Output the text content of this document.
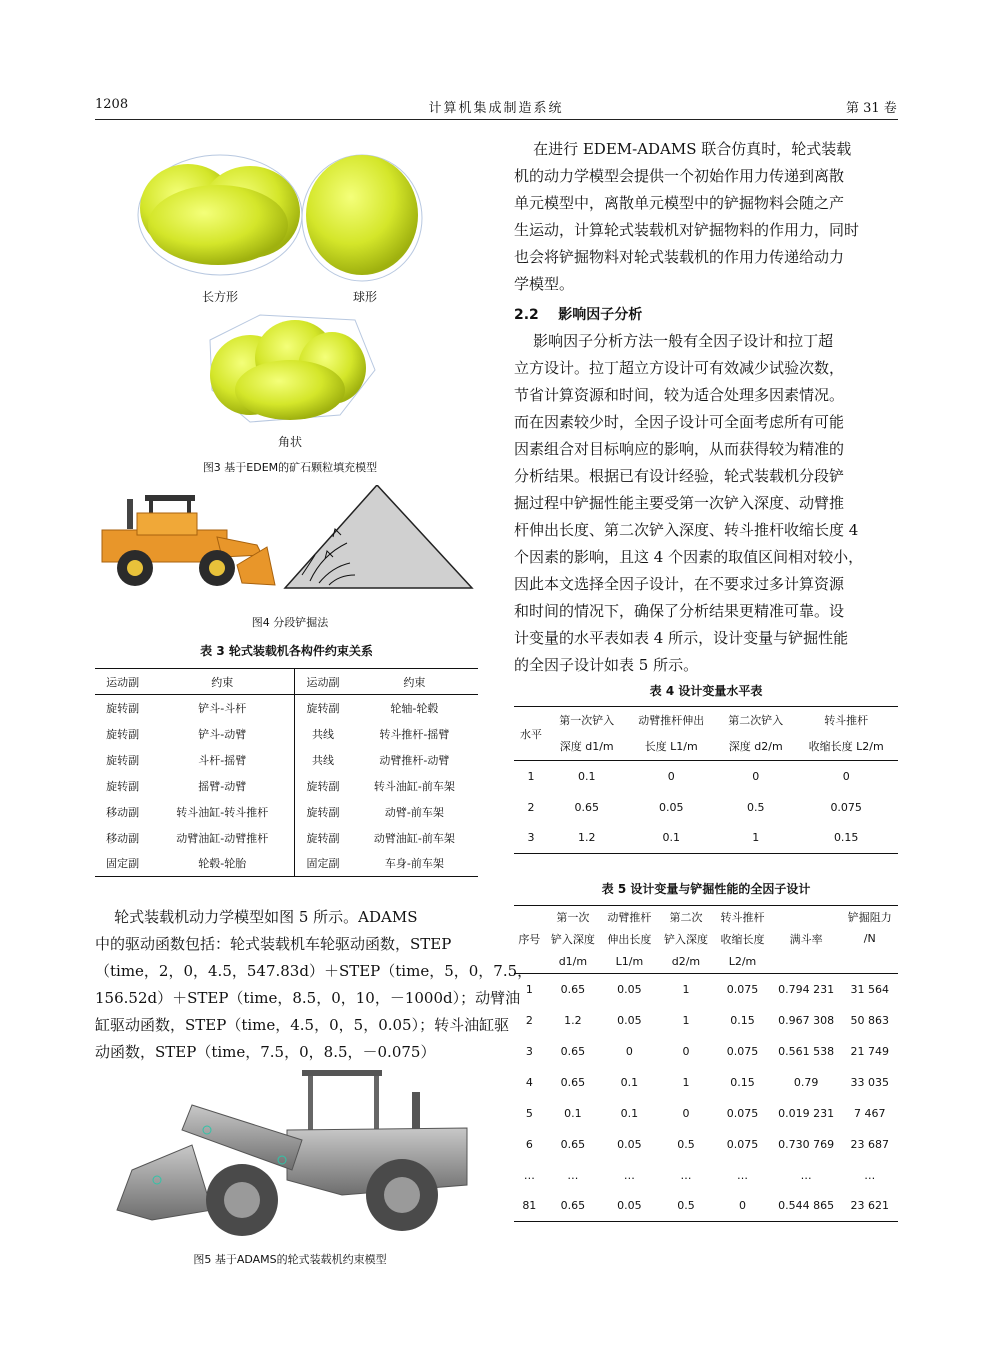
1208	计算机集成制造系统	第 31 卷
长方形	球形
角状
图3 基于EDEM的矿石颗粒填充模型
图4 分段铲掘法
表 3 轮式装载机各构件约束关系
运动副	约束	运动副	约束
旋转副	铲斗-斗杆	旋转副	轮轴-轮毂
旋转副	铲斗-动臂	共线	转斗推杆-摇臂
旋转副	斗杆-摇臂	共线	动臂推杆-动臂
旋转副	摇臂-动臂	旋转副	转斗油缸-前车架
移动副	转斗油缸-转斗推杆	旋转副	动臂-前车架
移动副	动臂油缸-动臂推杆	旋转副	动臂油缸-前车架
固定副	轮毂-轮胎	固定副	车身-前车架
轮式装载机动力学模型如图 5 所示。ADAMS
中的驱动函数包括：轮式装载机车轮驱动函数，STEP
（time，2，0，4.5，547.83d）＋STEP（time，5，0，7.5，
156.52d）＋STEP（time，8.5，0，10，－1000d）；动臂油
缸驱动函数，STEP（time，4.5，0，5，0.05）；转斗油缸驱
动函数，STEP（time，7.5，0，8.5，－0.075）
图5 基于ADAMS的轮式装载机约束模型
在进行 EDEM-ADAMS 联合仿真时，轮式装载
机的动力学模型会提供一个初始作用力传递到离散
单元模型中，离散单元模型中的铲掘物料会随之产
生运动，计算轮式装载机对铲掘物料的作用力，同时
也会将铲掘物料对轮式装载机的作用力传递给动力
学模型。
2.2    影响因子分析
影响因子分析方法一般有全因子设计和拉丁超
立方设计。拉丁超立方设计可有效减少试验次数，
节省计算资源和时间，较为适合处理多因素情况。
而在因素较少时，全因子设计可全面考虑所有可能
因素组合对目标响应的影响，从而获得较为精准的
分析结果。根据已有设计经验，轮式装载机分段铲
掘过程中铲掘性能主要受第一次铲入深度、动臂推
杆伸出长度、第二次铲入深度、转斗推杆收缩长度 4
个因素的影响，且这 4 个因素的取值区间相对较小，
因此本文选择全因子设计，在不要求过多计算资源
和时间的情况下，确保了分析结果更精准可靠。设
计变量的水平表如表 4 所示，设计变量与铲掘性能
的全因子设计如表 5 所示。
表 4 设计变量水平表
水平	第一次铲入	动臂推杆伸出	第二次铲入	转斗推杆
	深度 d1/m	长度 L1/m	深度 d2/m	收缩长度 L2/m
1	0.1	0	0	0
2	0.65	0.05	0.5	0.075
3	1.2	0.1	1	0.15
表 5 设计变量与铲掘性能的全因子设计
	第一次	动臂推杆	第二次	转斗推杆		铲掘阻力
序号	铲入深度	伸出长度	铲入深度	收缩长度	满斗率	/N
	d1/m	L1/m	d2/m	L2/m		
1	0.65	0.05	1	0.075	0.794 231	31 564
2	1.2	0.05	1	0.15	0.967 308	50 863
3	0.65	0	0	0.075	0.561 538	21 749
4	0.65	0.1	1	0.15	0.79	33 035
5	0.1	0.1	0	0.075	0.019 231	7 467
6	0.65	0.05	0.5	0.075	0.730 769	23 687
…	…	…	…	…	…	…
81	0.65	0.05	0.5	0	0.544 865	23 621
